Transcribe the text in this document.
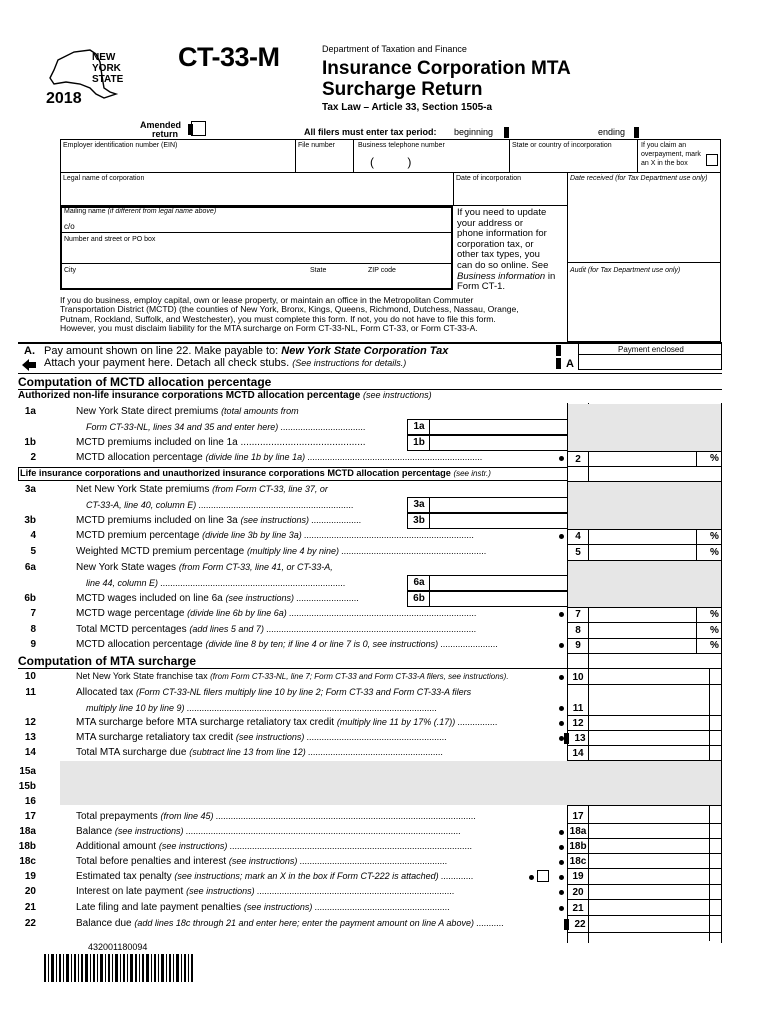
NEW
YORK
STATE
2018
CT-33-M	Department of Taxation and Finance
Insurance Corporation MTA
Surcharge Return
Tax Law – Article 33, Section 1505-a
Amended
return	All filers must enter tax period: beginning	ending
Employer identification number (EIN)	File number	Business telephone number
(          )
State or country of incorporation	If you claim an
overpayment, mark
an X in the box
Legal name of corporation	Date of incorporation	Date received (for Tax Department use only)
Audit (for Tax Department use only)
Mailing name (if different from legal name above)
c/o
Number and street or PO box
City	State	ZIP code
If you need to update
your address or
phone information for
corporation tax, or
other tax types, you
can do so online. See
Business information in
Form CT-1.
If you do business, employ capital, own or lease property, or maintain an office in the Metropolitan Commuter
Transportation District (MCTD) (the counties of New York, Bronx, Kings, Queens, Richmond, Dutchess, Nassau, Orange,
Putnam, Rockland, Suffolk, and Westchester), you must complete this form. If not, you do not have to file this form.
However, you must disclaim liability for the MTA surcharge on Form CT-33-NL, Form CT-33, or Form CT-33-A.
A. Pay amount shown on line 22. Make payable to: New York State Corporation Tax
Attach your payment here. Detach all check stubs. (See instructions for details.)	A
Payment enclosed
Computation of MCTD allocation percentage
Authorized non-life insurance corporations MCTD allocation percentage (see instructions)
1a	New York State direct premiums (total amounts from
Form CT-33-NL, lines 34 and 35 and enter here) ..................................	1a
1b	MCTD premiums included on line 1a .............................................	1b
2	MCTD allocation percentage (divide line 1b by line 1a) ......................................................................	2	%
Life insurance corporations and unauthorized insurance corporations MCTD allocation percentage (see instr.)
3a	Net New York State premiums (from Form CT-33, line 37, or
CT-33-A, line 40, column E) ..............................................................	3a
3b	MCTD premiums included on line 3a (see instructions) ....................	3b
4	MCTD premium percentage (divide line 3b by line 3a) ....................................................................	4	%
5	Weighted MCTD premium percentage (multiply line 4 by nine) ..........................................................	5	%
6a	New York State wages (from Form CT-33, line 41, or CT-33-A,
line 44, column E) ..........................................................................	6a
6b	MCTD wages included on line 6a (see instructions) .........................	6b
7	MCTD wage percentage (divide line 6b by line 6a) ...........................................................................	7	%
8	Total MCTD percentages (add lines 5 and 7) ....................................................................................	8	%
9	MCTD allocation percentage (divide line 8 by ten; if line 4 or line 7 is 0, see instructions) .......................	9	%
Computation of MTA surcharge
10	Net New York State franchise tax (from Form CT-33-NL, line 7; Form CT-33 and Form CT-33-A filers, see instructions).	10
11	Allocated tax (Form CT-33-NL filers multiply line 10 by line 2; Form CT-33 and Form CT-33-A filers
multiply line 10 by line 9) ....................................................................................................	11
12	MTA surcharge before MTA surcharge retaliatory tax credit (multiply line 11 by 17% (.17)) ................	12
13	MTA surcharge retaliatory tax credit (see instructions) ........................................................	13
14	Total MTA surcharge due (subtract line 13 from line 12) ......................................................	14
15a
15b
16
17	Total prepayments (from line 45) ........................................................................................................	17
18a	Balance (see instructions) ..............................................................................................................	18a
18b	Additional amount (see instructions) .................................................................................................	18b
18c	Total before penalties and interest (see instructions) ...........................................................	18c
19	Estimated tax penalty (see instructions; mark an X in the box if Form CT-222 is attached) .............	19
20	Interest on late payment (see instructions) ...............................................................................	20
21	Late filing and late payment penalties (see instructions) ......................................................	21
22	Balance due (add lines 18c through 21 and enter here; enter the payment amount on line A above) ...........	22
432001180094
